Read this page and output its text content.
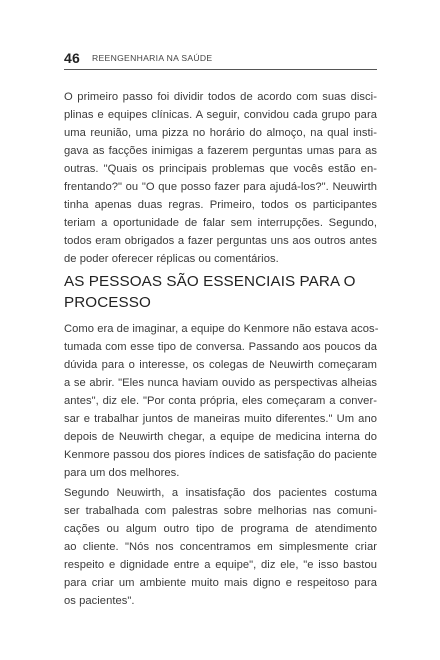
46 REENGENHARIA NA SAÚDE
O primeiro passo foi dividir todos de acordo com suas disci-
plinas e equipes clínicas. A seguir, convidou cada grupo para
uma reunião, uma pizza no horário do almoço, na qual insti-
gava as facções inimigas a fazerem perguntas umas para as
outras. "Quais os principais problemas que vocês estão en-
frentando?" ou "O que posso fazer para ajudá-los?". Neuwirth
tinha apenas duas regras. Primeiro, todos os participantes
teriam a oportunidade de falar sem interrupções. Segundo,
todos eram obrigados a fazer perguntas uns aos outros antes
de poder oferecer réplicas ou comentários.
AS PESSOAS SÃO ESSENCIAIS PARA O
PROCESSO
Como era de imaginar, a equipe do Kenmore não estava acos-
tumada com esse tipo de conversa. Passando aos poucos da
dúvida para o interesse, os colegas de Neuwirth começaram
a se abrir. "Eles nunca haviam ouvido as perspectivas alheias
antes", diz ele. "Por conta própria, eles começaram a conver-
sar e trabalhar juntos de maneiras muito diferentes." Um ano
depois de Neuwirth chegar, a equipe de medicina interna do
Kenmore passou dos piores índices de satisfação do paciente
para um dos melhores.
Segundo Neuwirth, a insatisfação dos pacientes costuma
ser trabalhada com palestras sobre melhorias nas comuni-
cações ou algum outro tipo de programa de atendimento
ao cliente. "Nós nos concentramos em simplesmente criar
respeito e dignidade entre a equipe", diz ele, "e isso bastou
para criar um ambiente muito mais digno e respeitoso para
os pacientes".
